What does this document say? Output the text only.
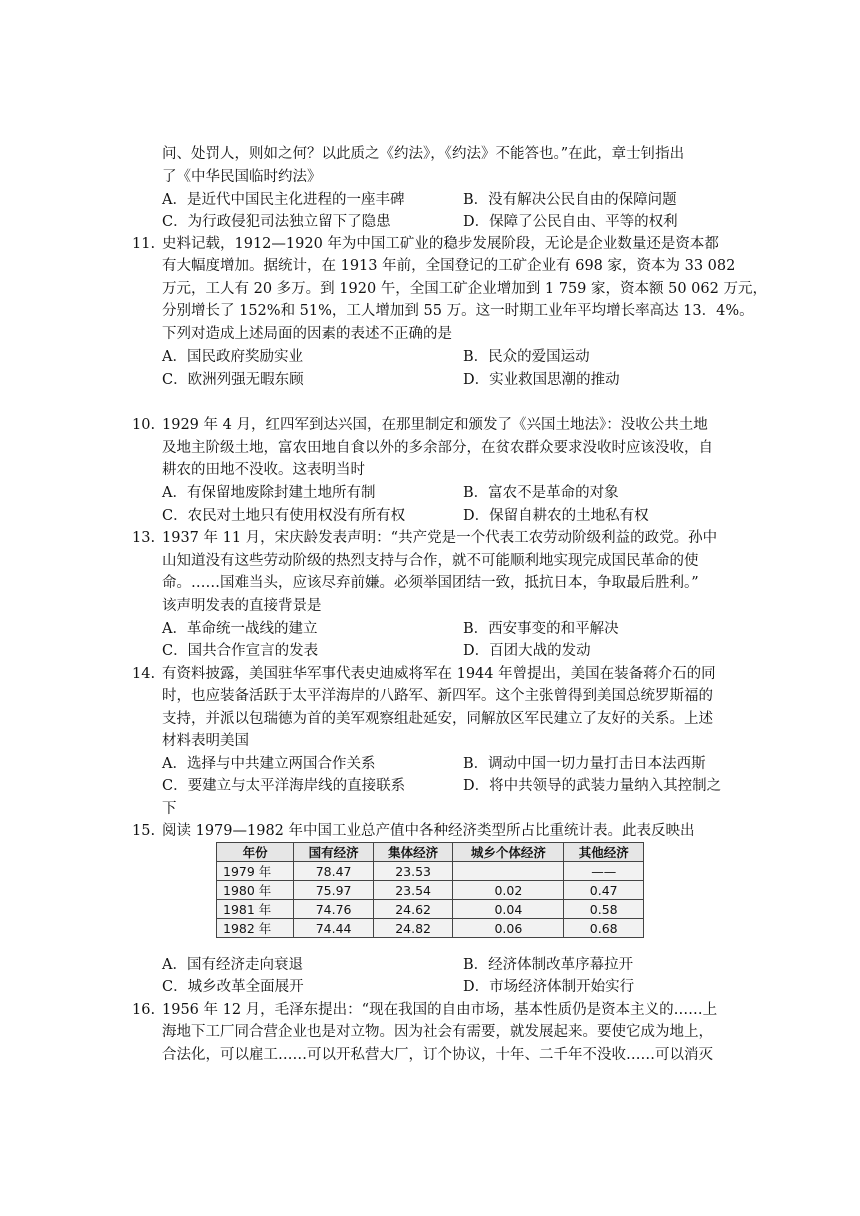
问、处罚人，则如之何？以此质之《约法》，《约法》不能答也。”在此，章士钊指出
了《中华民国临时约法》
A．是近代中国民主化进程的一座丰碑	B．没有解决公民自由的保障问题
C．为行政侵犯司法独立留下了隐患	D．保障了公民自由、平等的权利
11. 史料记载，1912—1920 年为中国工矿业的稳步发展阶段，无论是企业数量还是资本都
有大幅度增加。据统计，在 1913 年前，全国登记的工矿企业有 698 家，资本为 33 082
万元，工人有 20 多万。到 1920 午，全国工矿企业增加到 1 759 家，资本额 50 062 万元，
分别增长了 152%和 51%，工人增加到 55 万。这一时期工业年平均增长率高达 13．4%。
下列对造成上述局面的因素的表述不正确的是
A．国民政府奖励实业	B．民众的爱国运动
C．欧洲列强无暇东顾	D．实业救国思潮的推动
10. 1929 年 4 月，红四军到达兴国，在那里制定和颁发了《兴国土地法》：没收公共土地
及地主阶级土地，富农田地自食以外的多余部分，在贫农群众要求没收时应该没收，自
耕农的田地不没收。这表明当时
A．有保留地废除封建土地所有制	B．富农不是革命的对象
C．农民对土地只有使用权没有所有权	D．保留自耕农的土地私有权
13. 1937 年 11 月，宋庆龄发表声明：“共产党是一个代表工农劳动阶级利益的政党。孙中
山知道没有这些劳动阶级的热烈支持与合作，就不可能顺利地实现完成国民革命的使
命。……国难当头，应该尽弃前嫌。必须举国团结一致，抵抗日本，争取最后胜利。”
该声明发表的直接背景是
A．革命统一战线的建立	B．西安事变的和平解决
C．国共合作宣言的发表	D．百团大战的发动
14. 有资料披露，美国驻华军事代表史迪威将军在 1944 年曾提出，美国在装备蒋介石的同
时，也应装备活跃于太平洋海岸的八路军、新四军。这个主张曾得到美国总统罗斯福的
支持，并派以包瑞德为首的美军观察组赴延安，同解放区军民建立了友好的关系。上述
材料表明美国
A．选择与中共建立两国合作关系	B．调动中国一切力量打击日本法西斯
C．要建立与太平洋海岸线的直接联系	D．将中共领导的武装力量纳入其控制之
下
15. 阅读 1979—1982 年中国工业总产值中各种经济类型所占比重统计表。此表反映出
年份	国有经济	集体经济	城乡个体经济	其他经济
1979 年	78.47	23.53		——
1980 年	75.97	23.54	0.02	0.47
1981 年	74.76	24.62	0.04	0.58
1982 年	74.44	24.82	0.06	0.68
A．国有经济走向衰退	B．经济体制改革序幕拉开
C．城乡改革全面展开	D．市场经济体制开始实行
16. 1956 年 12 月，毛泽东提出：“现在我国的自由市场，基本性质仍是资本主义的……上
海地下工厂同合营企业也是对立物。因为社会有需要，就发展起来。要使它成为地上，
合法化，可以雇工……可以开私营大厂，订个协议，十年、二千年不没收……可以消灭
